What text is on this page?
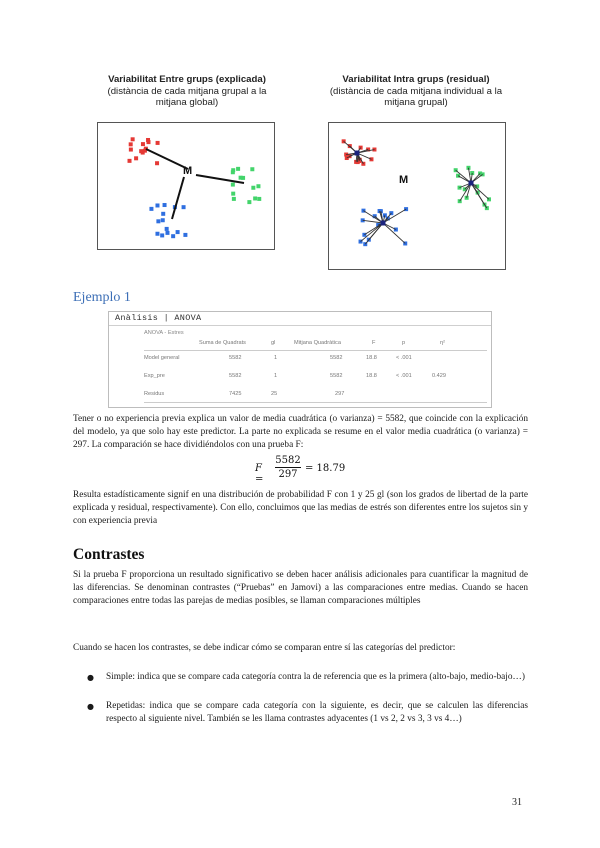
Variabilitat Entre grups (explicada)
(distància de cada mitjana grupal a la mitjana global)
M
Variabilitat Intra grups (residual)
(distància de cada mitjana individual a la mitjana grupal)
M
Ejemplo 1
Anàlisis | ANOVA
ANOVA - Estres
Suma de Quadrats	gl	Mitjana Quadràtica	F	p	η²
Model general	5582	1	5582	18.8	< .001
Exp_pre	5582	1	5582	18.8	< .001	0.429
Residus	7425	25	297
Tener o no experiencia previa explica un valor de media cuadrática (o varianza) = 5582, que coincide con la explicación del modelo, ya que solo hay este predictor. La parte no explicada se resume en el valor media cuadrática (o varianza) = 297. La comparación se hace dividiéndolos con una prueba F:
F =
5582
297
= 18.79
Resulta estadísticamente signif en una distribución de probabilidad F con 1 y 25 gl (son los grados de libertad de la parte explicada y residual, respectivamente). Con ello, concluimos que las medias de estrés son diferentes entre los sujetos sin y con experiencia previa
Contrastes
Si la prueba F proporciona un resultado significativo se deben hacer análisis adicionales para cuantificar la magnitud de las diferencias. Se denominan contrastes (“Pruebas” en Jamovi) a las comparaciones entre medias. Cuando se hacen comparaciones entre todas las parejas de medias posibles, se llaman comparaciones múltiples
Cuando se hacen los contrastes, se debe indicar cómo se comparan entre sí las categorías del predictor:
● Simple: indica que se compare cada categoría contra la de referencia que es la primera (alto-bajo, medio-bajo…)
● Repetidas: indica que se compare cada categoría con la siguiente, es decir, que se calculen las diferencias respecto al siguiente nivel. También se les llama contrastes adyacentes (1 vs 2, 2 vs 3, 3 vs 4…)
31
